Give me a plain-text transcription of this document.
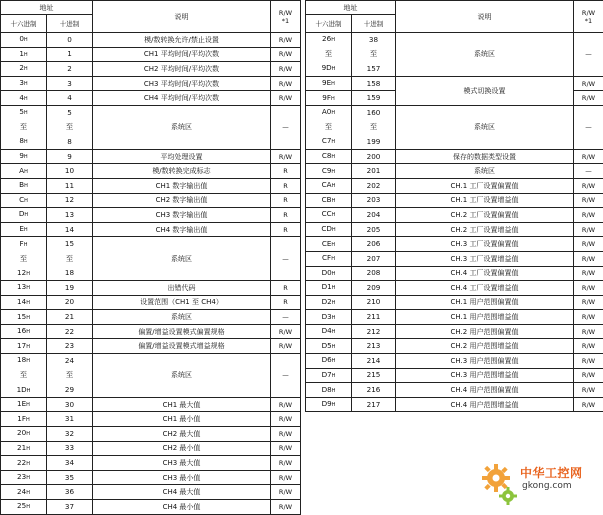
地址		说明	R/W
*1

十六进制	十进制		
0H	0	模/数转换允许/禁止设置	R/W
1H	1	CH1 平均时间/平均次数	R/W
2H	2	CH2 平均时间/平均次数	R/W
3H	3	CH3 平均时间/平均次数	R/W
4H	4	CH4 平均时间/平均次数	R/W
5H	5	系统区	—
至	至		
8H	8		
9H	9	平均处理设置	R/W
AH	10	模/数转换完成标志	R
BH	11	CH1 数字输出值	R
CH	12	CH2 数字输出值	R
DH	13	CH3 数字输出值	R
EH	14	CH4 数字输出值	R
FH	15	系统区	—
至	至		
12H	18		
13H	19	出错代码	R
14H	20	设置范围（CH1 至 CH4）	R
15H	21	系统区	—
16H	22	偏置/增益设置模式偏置规格	R/W
17H	23	偏置/增益设置模式增益规格	R/W
18H	24	系统区	—
至	至		
1DH	29		
1EH	30	CH1 最大值	R/W
1FH	31	CH1 最小值	R/W
20H	32	CH2 最大值	R/W
21H	33	CH2 最小值	R/W
22H	34	CH3 最大值	R/W
23H	35	CH3 最小值	R/W
24H	36	CH4 最大值	R/W
25H	37	CH4 最小值	R/W
地址		说明	R/W
*1

十六进制	十进制		
26H	38	系统区	—
至	至		
9DH	157		
9EH	158	模式切换设置	R/W
9FH	159		R/W
A0H	160	系统区	—
至	至		
C7H	199		
C8H	200	保存的数据类型设置	R/W
C9H	201	系统区	—
CAH	202	CH.1 工厂设置偏置值	R/W
CBH	203	CH.1 工厂设置增益值	R/W
CCH	204	CH.2 工厂设置偏置值	R/W
CDH	205	CH.2 工厂设置增益值	R/W
CEH	206	CH.3 工厂设置偏置值	R/W
CFH	207	CH.3 工厂设置增益值	R/W
D0H	208	CH.4 工厂设置偏置值	R/W
D1H	209	CH.4 工厂设置增益值	R/W
D2H	210	CH.1 用户范围偏置值	R/W
D3H	211	CH.1 用户范围增益值	R/W
D4H	212	CH.2 用户范围偏置值	R/W
D5H	213	CH.2 用户范围增益值	R/W
D6H	214	CH.3 用户范围偏置值	R/W
D7H	215	CH.3 用户范围增益值	R/W
D8H	216	CH.4 用户范围偏置值	R/W
D9H	217	CH.4 用户范围增益值	R/W
中华工控网
gkong.com
